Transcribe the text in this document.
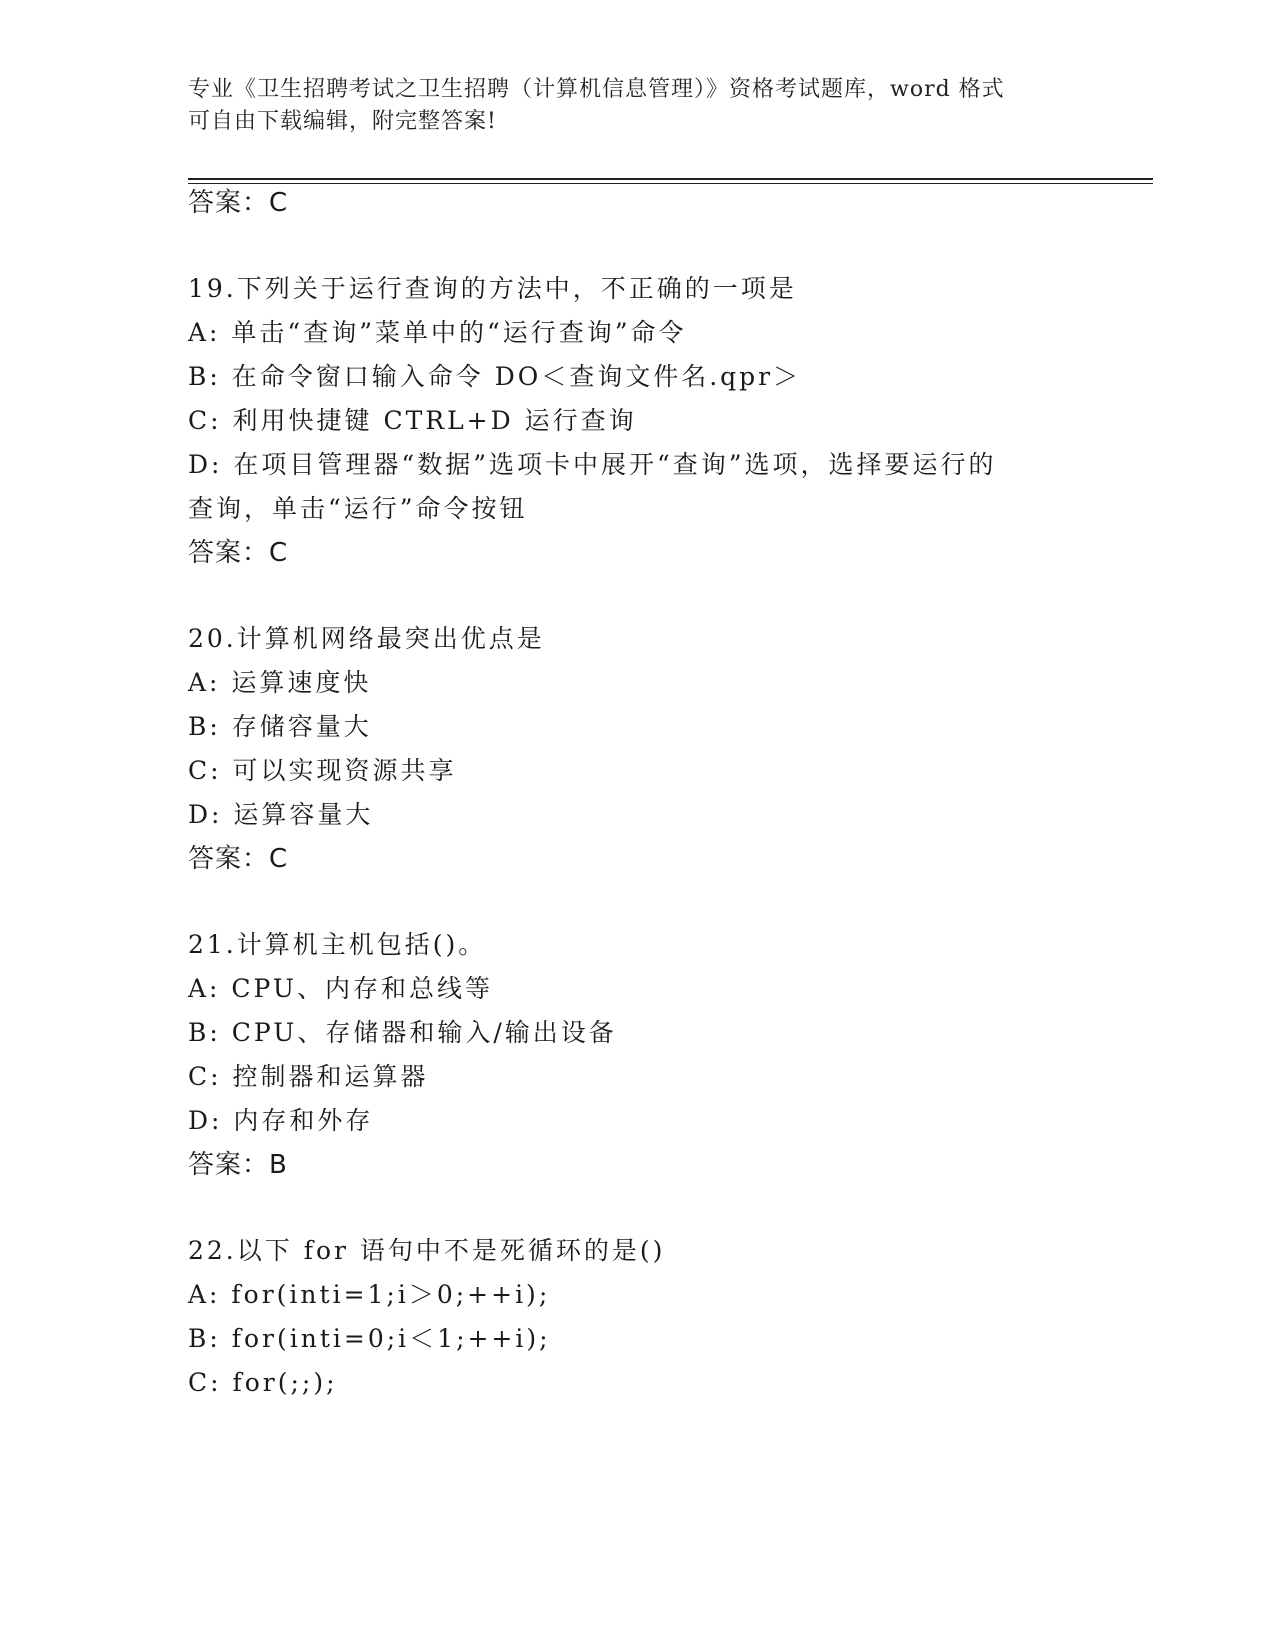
专业《卫生招聘考试之卫生招聘（计算机信息管理）》资格考试题库，word 格式
可自由下载编辑，附完整答案!
答案：C
19.下列关于运行查询的方法中，不正确的一项是
A: 单击“查询”菜单中的“运行查询”命令
B: 在命令窗口输入命令 DO＜查询文件名.qpr＞
C: 利用快捷键 CTRL+D 运行查询
D: 在项目管理器“数据”选项卡中展开“查询”选项，选择要运行的
查询，单击“运行”命令按钮
答案：C
20.计算机网络最突出优点是
A: 运算速度快
B: 存储容量大
C: 可以实现资源共享
D: 运算容量大
答案：C
21.计算机主机包括()。
A: CPU、内存和总线等
B: CPU、存储器和输入/输出设备
C: 控制器和运算器
D: 内存和外存
答案：B
22.以下 for 语句中不是死循环的是()
A: for(inti=1;i＞0;++i);
B: for(inti=0;i＜1;++i);
C: for(;;);
